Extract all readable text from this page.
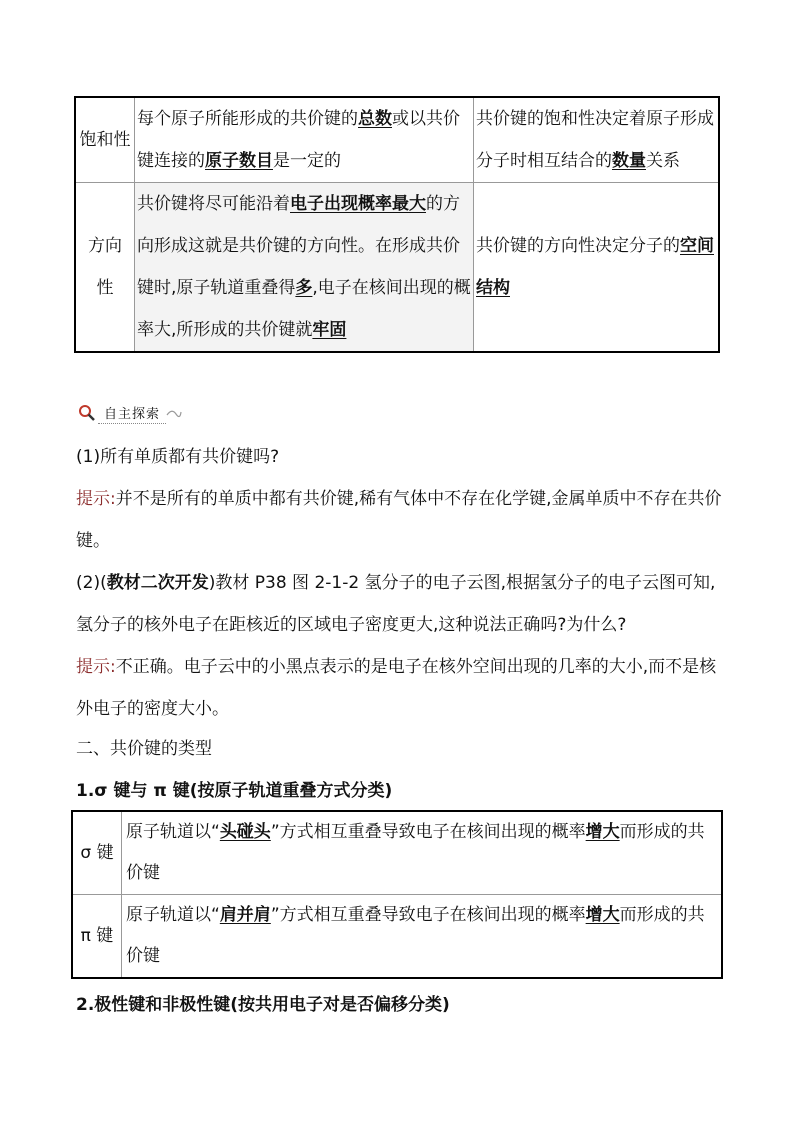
饱和性	每个原子所能形成的共价键的总数或以共价键连接的原子数目是一定的	共价键的饱和性决定着原子形成分子时相互结合的数量关系

方向性	共价键将尽可能沿着电子出现概率最大的方向形成这就是共价键的方向性。在形成共价键时,原子轨道重叠得多,电子在核间出现的概率大,所形成的共价键就牢固	共价键的方向性决定分子的空间结构
自主探索
(1)所有单质都有共价键吗?
提示:并不是所有的单质中都有共价键,稀有气体中不存在化学键,金属单质中不存在共价键。
(2)(教材二次开发)教材 P38 图 2-1-2 氢分子的电子云图,根据氢分子的电子云图可知,氢分子的核外电子在距核近的区域电子密度更大,这种说法正确吗?为什么?
提示:不正确。电子云中的小黑点表示的是电子在核外空间出现的几率的大小,而不是核外电子的密度大小。
二、共价键的类型
1.σ 键与 π 键(按原子轨道重叠方式分类)
σ 键	原子轨道以“头碰头”方式相互重叠导致电子在核间出现的概率增大而形成的共价键
π 键	原子轨道以“肩并肩”方式相互重叠导致电子在核间出现的概率增大而形成的共价键
2.极性键和非极性键(按共用电子对是否偏移分类)
